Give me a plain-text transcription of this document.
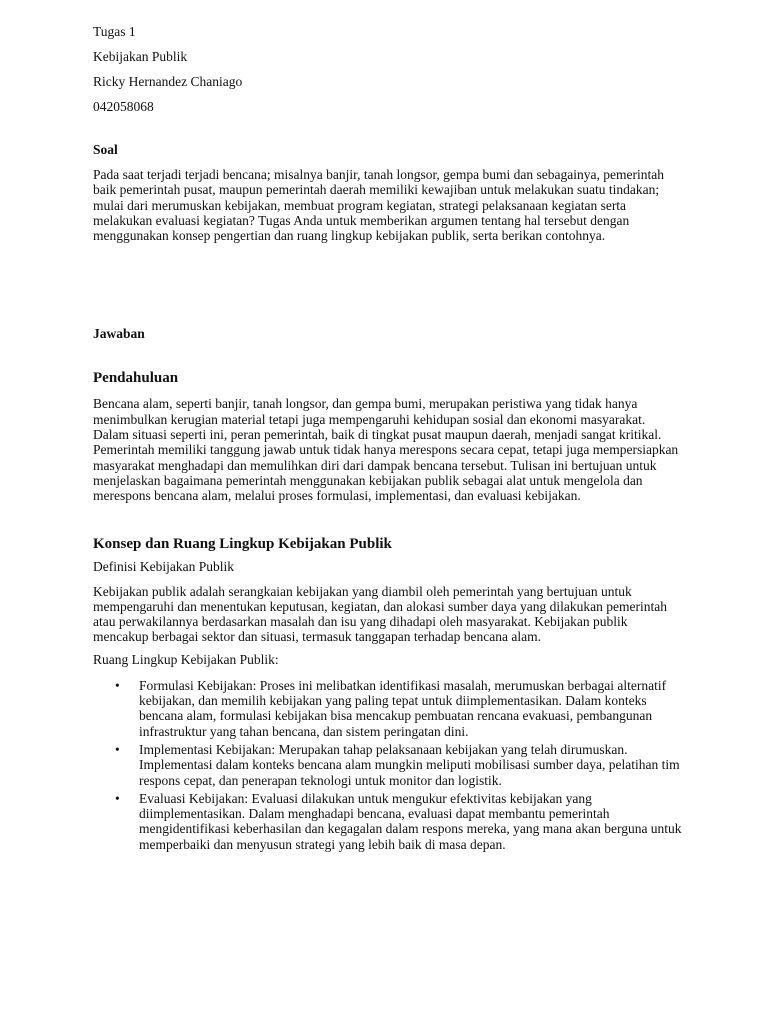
Tugas 1

Kebijakan Publik

Ricky Hernandez Chaniago

042058068

Soal

Pada saat terjadi terjadi bencana; misalnya banjir, tanah longsor, gempa bumi dan sebagainya, pemerintah baik pemerintah pusat, maupun pemerintah daerah memiliki kewajiban untuk melakukan suatu tindakan; mulai dari merumuskan kebijakan, membuat program kegiatan, strategi pelaksanaan kegiatan serta melakukan evaluasi kegiatan? Tugas Anda untuk memberikan argumen tentang hal tersebut dengan menggunakan konsep pengertian dan ruang lingkup kebijakan publik, serta berikan contohnya.

Jawaban

Pendahuluan

Bencana alam, seperti banjir, tanah longsor, dan gempa bumi, merupakan peristiwa yang tidak hanya menimbulkan kerugian material tetapi juga mempengaruhi kehidupan sosial dan ekonomi masyarakat. Dalam situasi seperti ini, peran pemerintah, baik di tingkat pusat maupun daerah, menjadi sangat kritikal. Pemerintah memiliki tanggung jawab untuk tidak hanya merespons secara cepat, tetapi juga mempersiapkan masyarakat menghadapi dan memulihkan diri dari dampak bencana tersebut. Tulisan ini bertujuan untuk menjelaskan bagaimana pemerintah menggunakan kebijakan publik sebagai alat untuk mengelola dan merespons bencana alam, melalui proses formulasi, implementasi, dan evaluasi kebijakan.

Konsep dan Ruang Lingkup Kebijakan Publik

Definisi Kebijakan Publik

Kebijakan publik adalah serangkaian kebijakan yang diambil oleh pemerintah yang bertujuan untuk mempengaruhi dan menentukan keputusan, kegiatan, dan alokasi sumber daya yang dilakukan pemerintah atau perwakilannya berdasarkan masalah dan isu yang dihadapi oleh masyarakat. Kebijakan publik mencakup berbagai sektor dan situasi, termasuk tanggapan terhadap bencana alam.

Ruang Lingkup Kebijakan Publik:

• Formulasi Kebijakan: Proses ini melibatkan identifikasi masalah, merumuskan berbagai alternatif kebijakan, dan memilih kebijakan yang paling tepat untuk diimplementasikan. Dalam konteks bencana alam, formulasi kebijakan bisa mencakup pembuatan rencana evakuasi, pembangunan infrastruktur yang tahan bencana, dan sistem peringatan dini.
• Implementasi Kebijakan: Merupakan tahap pelaksanaan kebijakan yang telah dirumuskan. Implementasi dalam konteks bencana alam mungkin meliputi mobilisasi sumber daya, pelatihan tim respons cepat, dan penerapan teknologi untuk monitor dan logistik.
• Evaluasi Kebijakan: Evaluasi dilakukan untuk mengukur efektivitas kebijakan yang diimplementasikan. Dalam menghadapi bencana, evaluasi dapat membantu pemerintah mengidentifikasi keberhasilan dan kegagalan dalam respons mereka, yang mana akan berguna untuk memperbaiki dan menyusun strategi yang lebih baik di masa depan.
